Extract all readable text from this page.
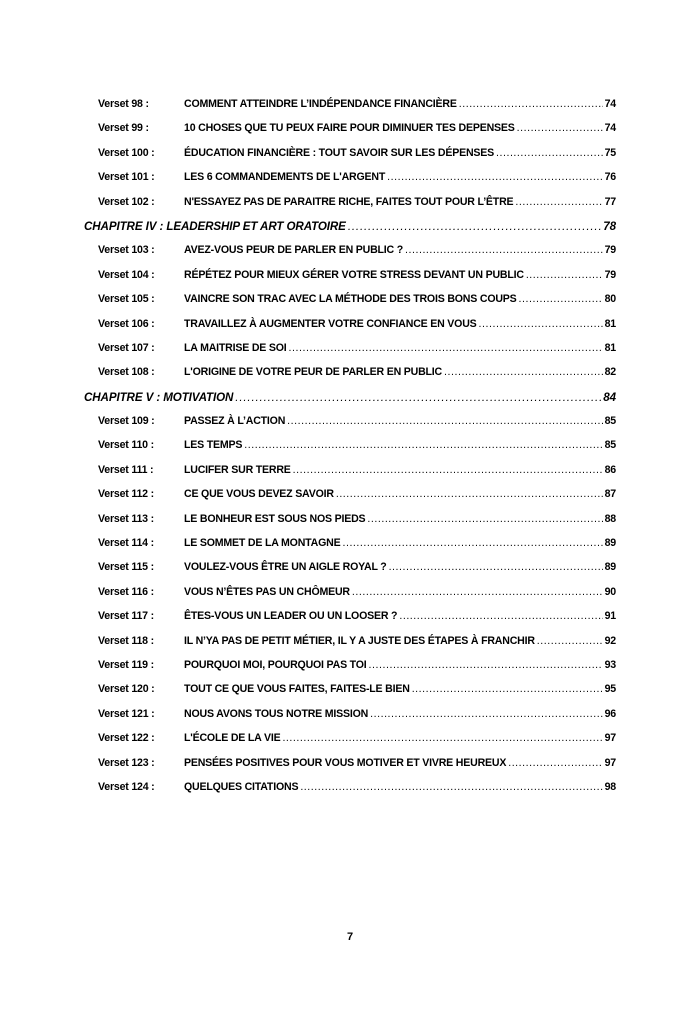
Verset 98 :	COMMENT ATTEINDRE L’INDÉPENDANCE FINANCIÈRE . . .	74
Verset 99 :	10 CHOSES QUE TU PEUX FAIRE POUR DIMINUER TES DEPENSES . . .	74
Verset 100 :	ÉDUCATION FINANCIÈRE : TOUT SAVOIR SUR LES DÉPENSES . . .	75
Verset 101 :	LES 6 COMMANDEMENTS DE L'ARGENT . . .	76
Verset 102 :	N'ESSAYEZ PAS DE PARAITRE RICHE, FAITES TOUT POUR L’ÊTRE . . .	77
CHAPITRE IV : LEADERSHIP ET ART ORATOIRE . . .	78
Verset 103 :	AVEZ-VOUS PEUR DE PARLER EN PUBLIC ? . . .	79
Verset 104 :	RÉPÉTEZ POUR MIEUX GÉRER VOTRE STRESS DEVANT UN PUBLIC . . .	79
Verset 105 :	VAINCRE SON TRAC AVEC LA MÉTHODE DES TROIS BONS COUPS . . .	80
Verset 106 :	TRAVAILLEZ À AUGMENTER VOTRE CONFIANCE EN VOUS . . .	81
Verset 107 :	LA MAITRISE DE SOI . . .	81
Verset 108 :	L'ORIGINE DE VOTRE PEUR DE PARLER EN PUBLIC . . .	82
CHAPITRE V : MOTIVATION . . .	84
Verset 109 :	PASSEZ À L’ACTION . . .	85
Verset 110 :	LES TEMPS . . .	85
Verset 111 :	LUCIFER SUR TERRE . . .	86
Verset 112 :	CE QUE VOUS DEVEZ SAVOIR . . .	87
Verset 113 :	LE BONHEUR EST SOUS NOS PIEDS . . .	88
Verset 114 :	LE SOMMET DE LA MONTAGNE . . .	89
Verset 115 :	VOULEZ-VOUS ÊTRE UN AIGLE ROYAL ? . . .	89
Verset 116 :	VOUS N’ÊTES PAS UN CHÔMEUR . . .	90
Verset 117 :	ÊTES-VOUS UN LEADER OU UN LOOSER ? . . .	91
Verset 118 :	IL N’YA PAS DE PETIT MÉTIER, IL Y A JUSTE DES ÉTAPES À FRANCHIR . . .	92
Verset 119 :	POURQUOI MOI, POURQUOI PAS TOI . . .	93
Verset 120 :	TOUT CE QUE VOUS FAITES, FAITES-LE BIEN . . .	95
Verset 121 :	NOUS AVONS TOUS NOTRE MISSION . . .	96
Verset 122 :	L'ÉCOLE DE LA VIE . . .	97
Verset 123 :	PENSÉES POSITIVES POUR VOUS MOTIVER ET VIVRE HEUREUX . . .	97
Verset 124 :	QUELQUES CITATIONS . . .	98
7
